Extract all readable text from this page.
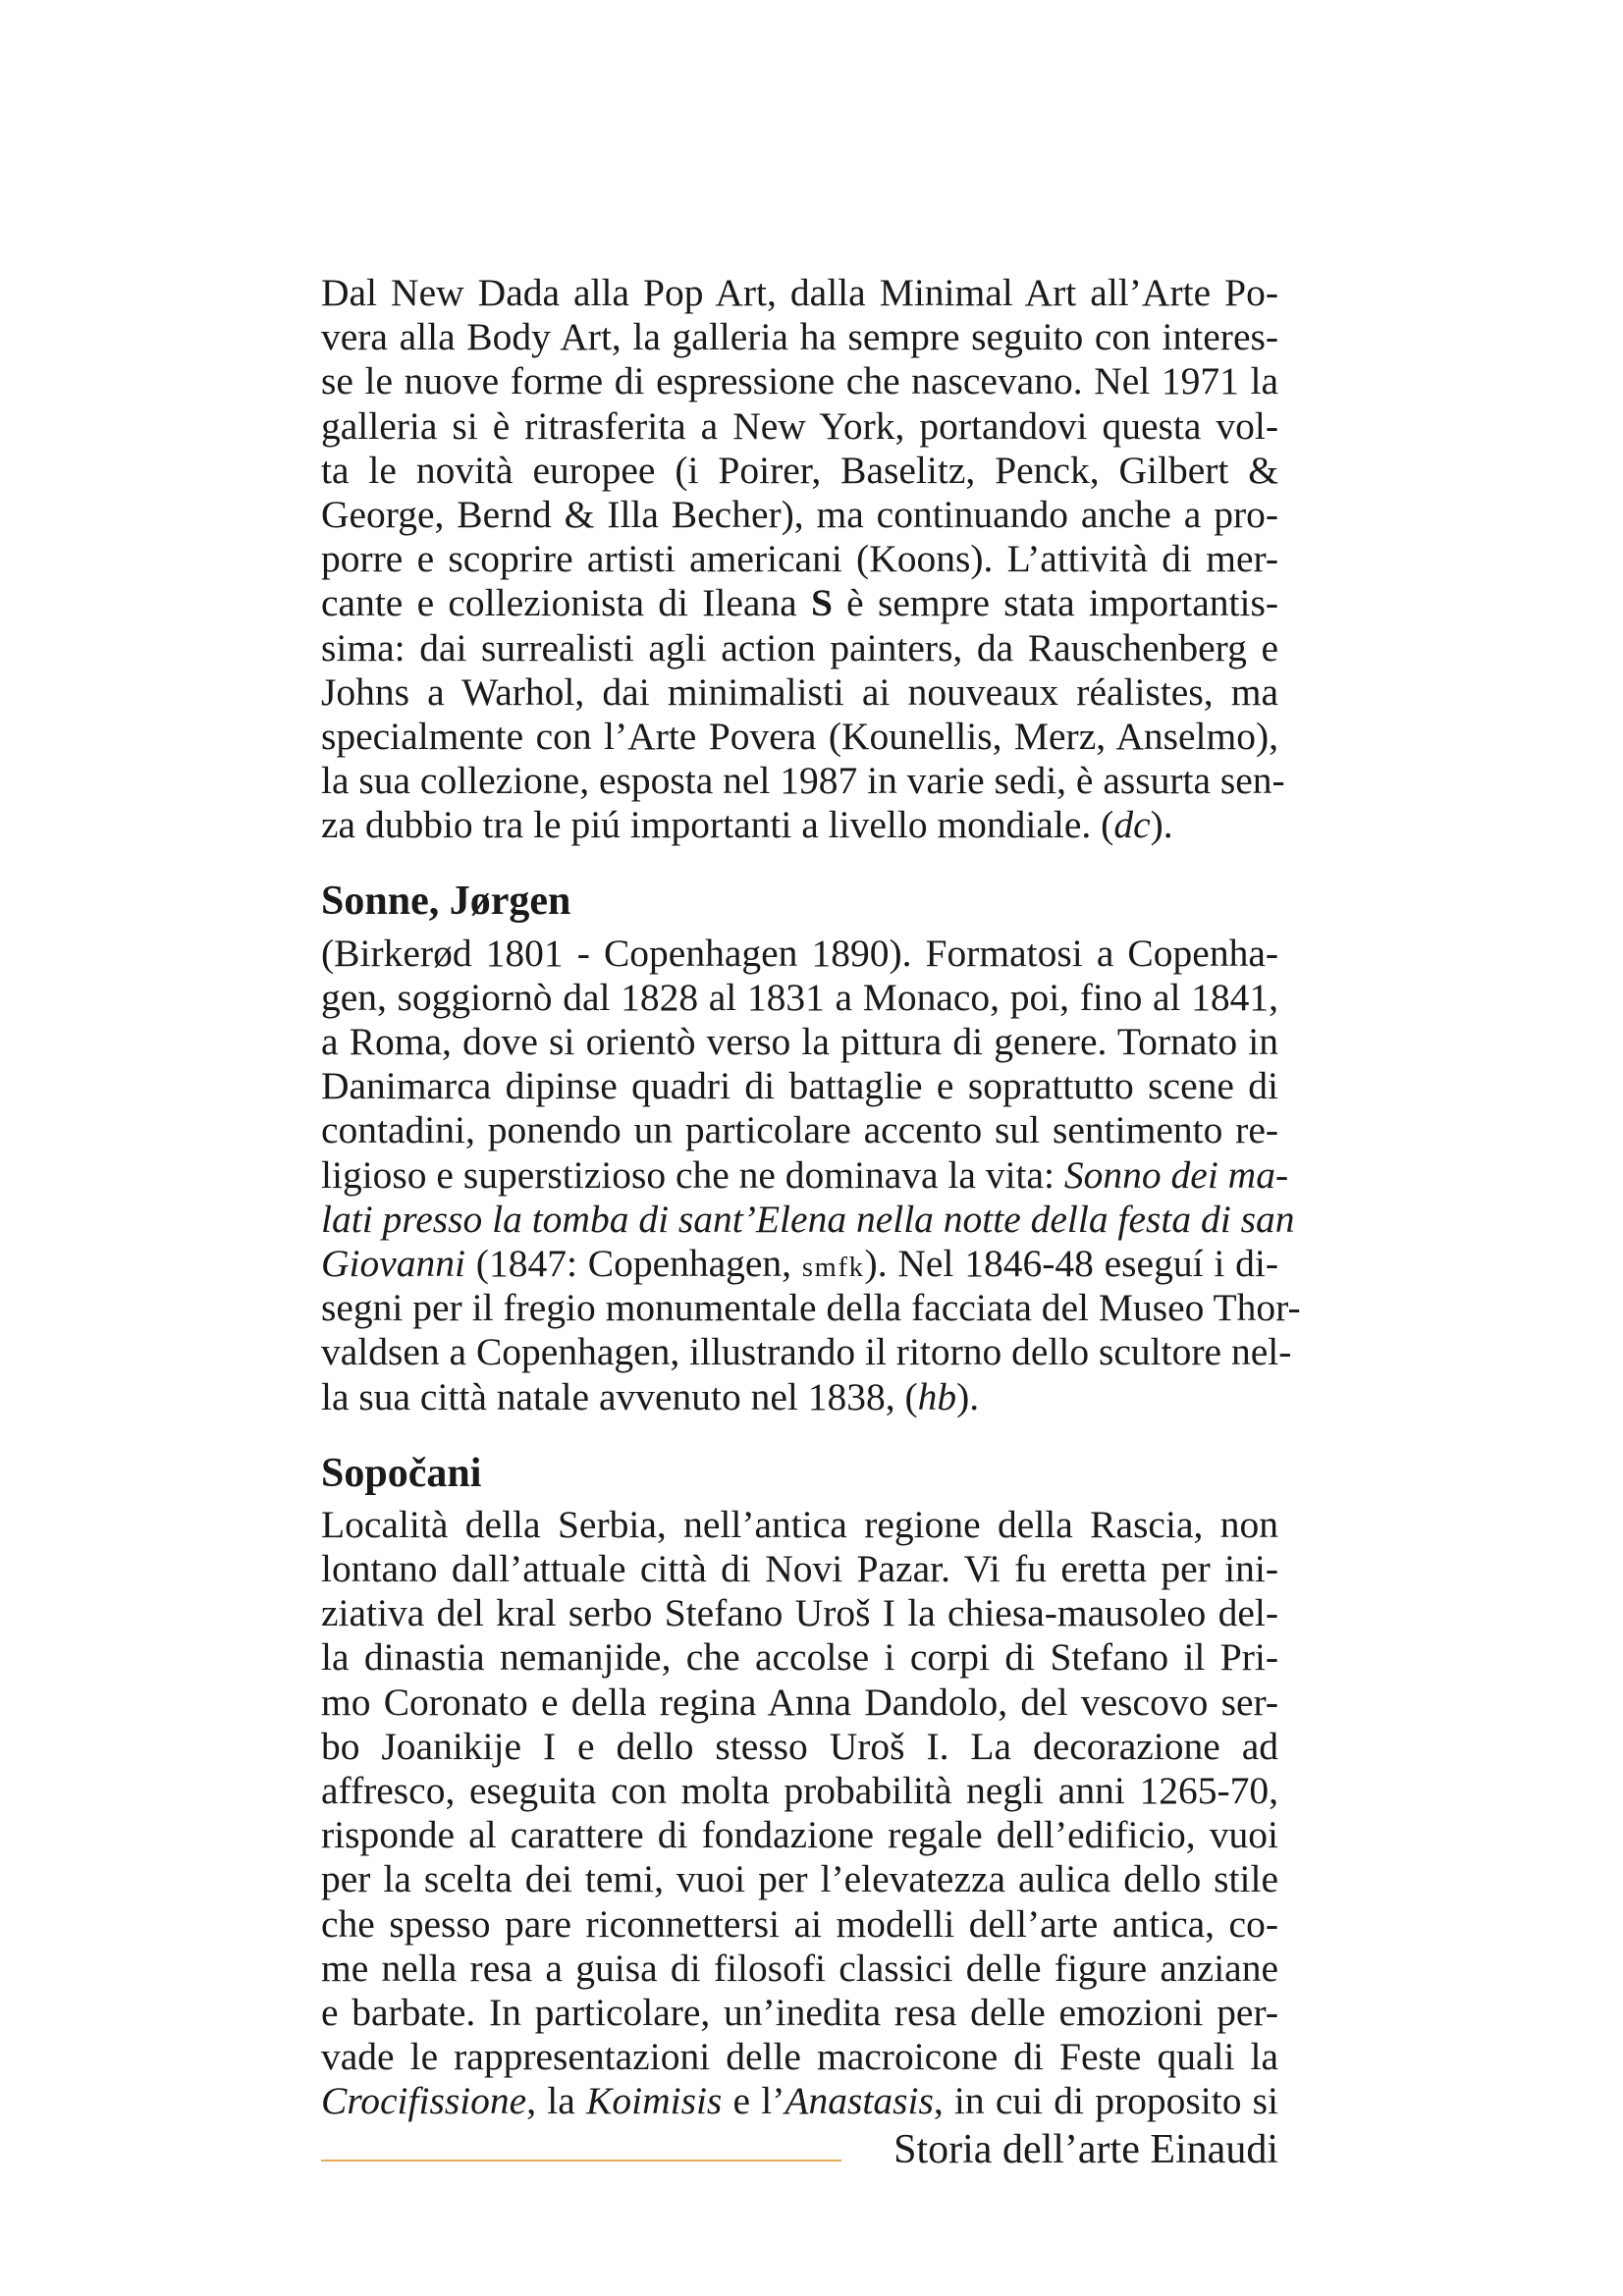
Dal New Dada alla Pop Art, dalla Minimal Art all’Arte Po-
vera alla Body Art, la galleria ha sempre seguito con interes-
se le nuove forme di espressione che nascevano. Nel 1971 la
galleria si è ritrasferita a New York, portandovi questa vol-
ta le novità europee (i Poirer, Baselitz, Penck, Gilbert &
George, Bernd & Illa Becher), ma continuando anche a pro-
porre e scoprire artisti americani (Koons). L’attività di mer-
cante e collezionista di Ileana S è sempre stata importantis-
sima: dai surrealisti agli action painters, da Rauschenberg e
Johns a Warhol, dai minimalisti ai nouveaux réalistes, ma
specialmente con l’Arte Povera (Kounellis, Merz, Anselmo),
la sua collezione, esposta nel 1987 in varie sedi, è assurta sen-
za dubbio tra le piú importanti a livello mondiale. (dc).
Sonne, Jørgen
(Birkerød 1801 - Copenhagen 1890). Formatosi a Copenha-
gen, soggiornò dal 1828 al 1831 a Monaco, poi, fino al 1841,
a Roma, dove si orientò verso la pittura di genere. Tornato in
Danimarca dipinse quadri di battaglie e soprattutto scene di
contadini, ponendo un particolare accento sul sentimento re-
ligioso e superstizioso che ne dominava la vita: Sonno dei ma-
lati presso la tomba di sant’Elena nella notte della festa di san
Giovanni (1847: Copenhagen, smfk). Nel 1846-48 eseguí i di-
segni per il fregio monumentale della facciata del Museo Thor-
valdsen a Copenhagen, illustrando il ritorno dello scultore nel-
la sua città natale avvenuto nel 1838, (hb).
Sopočani
Località della Serbia, nell’antica regione della Rascia, non
lontano dall’attuale città di Novi Pazar. Vi fu eretta per ini-
ziativa del kral serbo Stefano Uroš I la chiesa-mausoleo del-
la dinastia nemanjide, che accolse i corpi di Stefano il Pri-
mo Coronato e della regina Anna Dandolo, del vescovo ser-
bo Joanikije I e dello stesso Uroš I. La decorazione ad
affresco, eseguita con molta probabilità negli anni 1265-70,
risponde al carattere di fondazione regale dell’edificio, vuoi
per la scelta dei temi, vuoi per l’elevatezza aulica dello stile
che spesso pare riconnettersi ai modelli dell’arte antica, co-
me nella resa a guisa di filosofi classici delle figure anziane
e barbate. In particolare, un’inedita resa delle emozioni per-
vade le rappresentazioni delle macroicone di Feste quali la
Crocifissione, la Koimisis e l’Anastasis, in cui di proposito si
Storia dell’arte Einaudi
